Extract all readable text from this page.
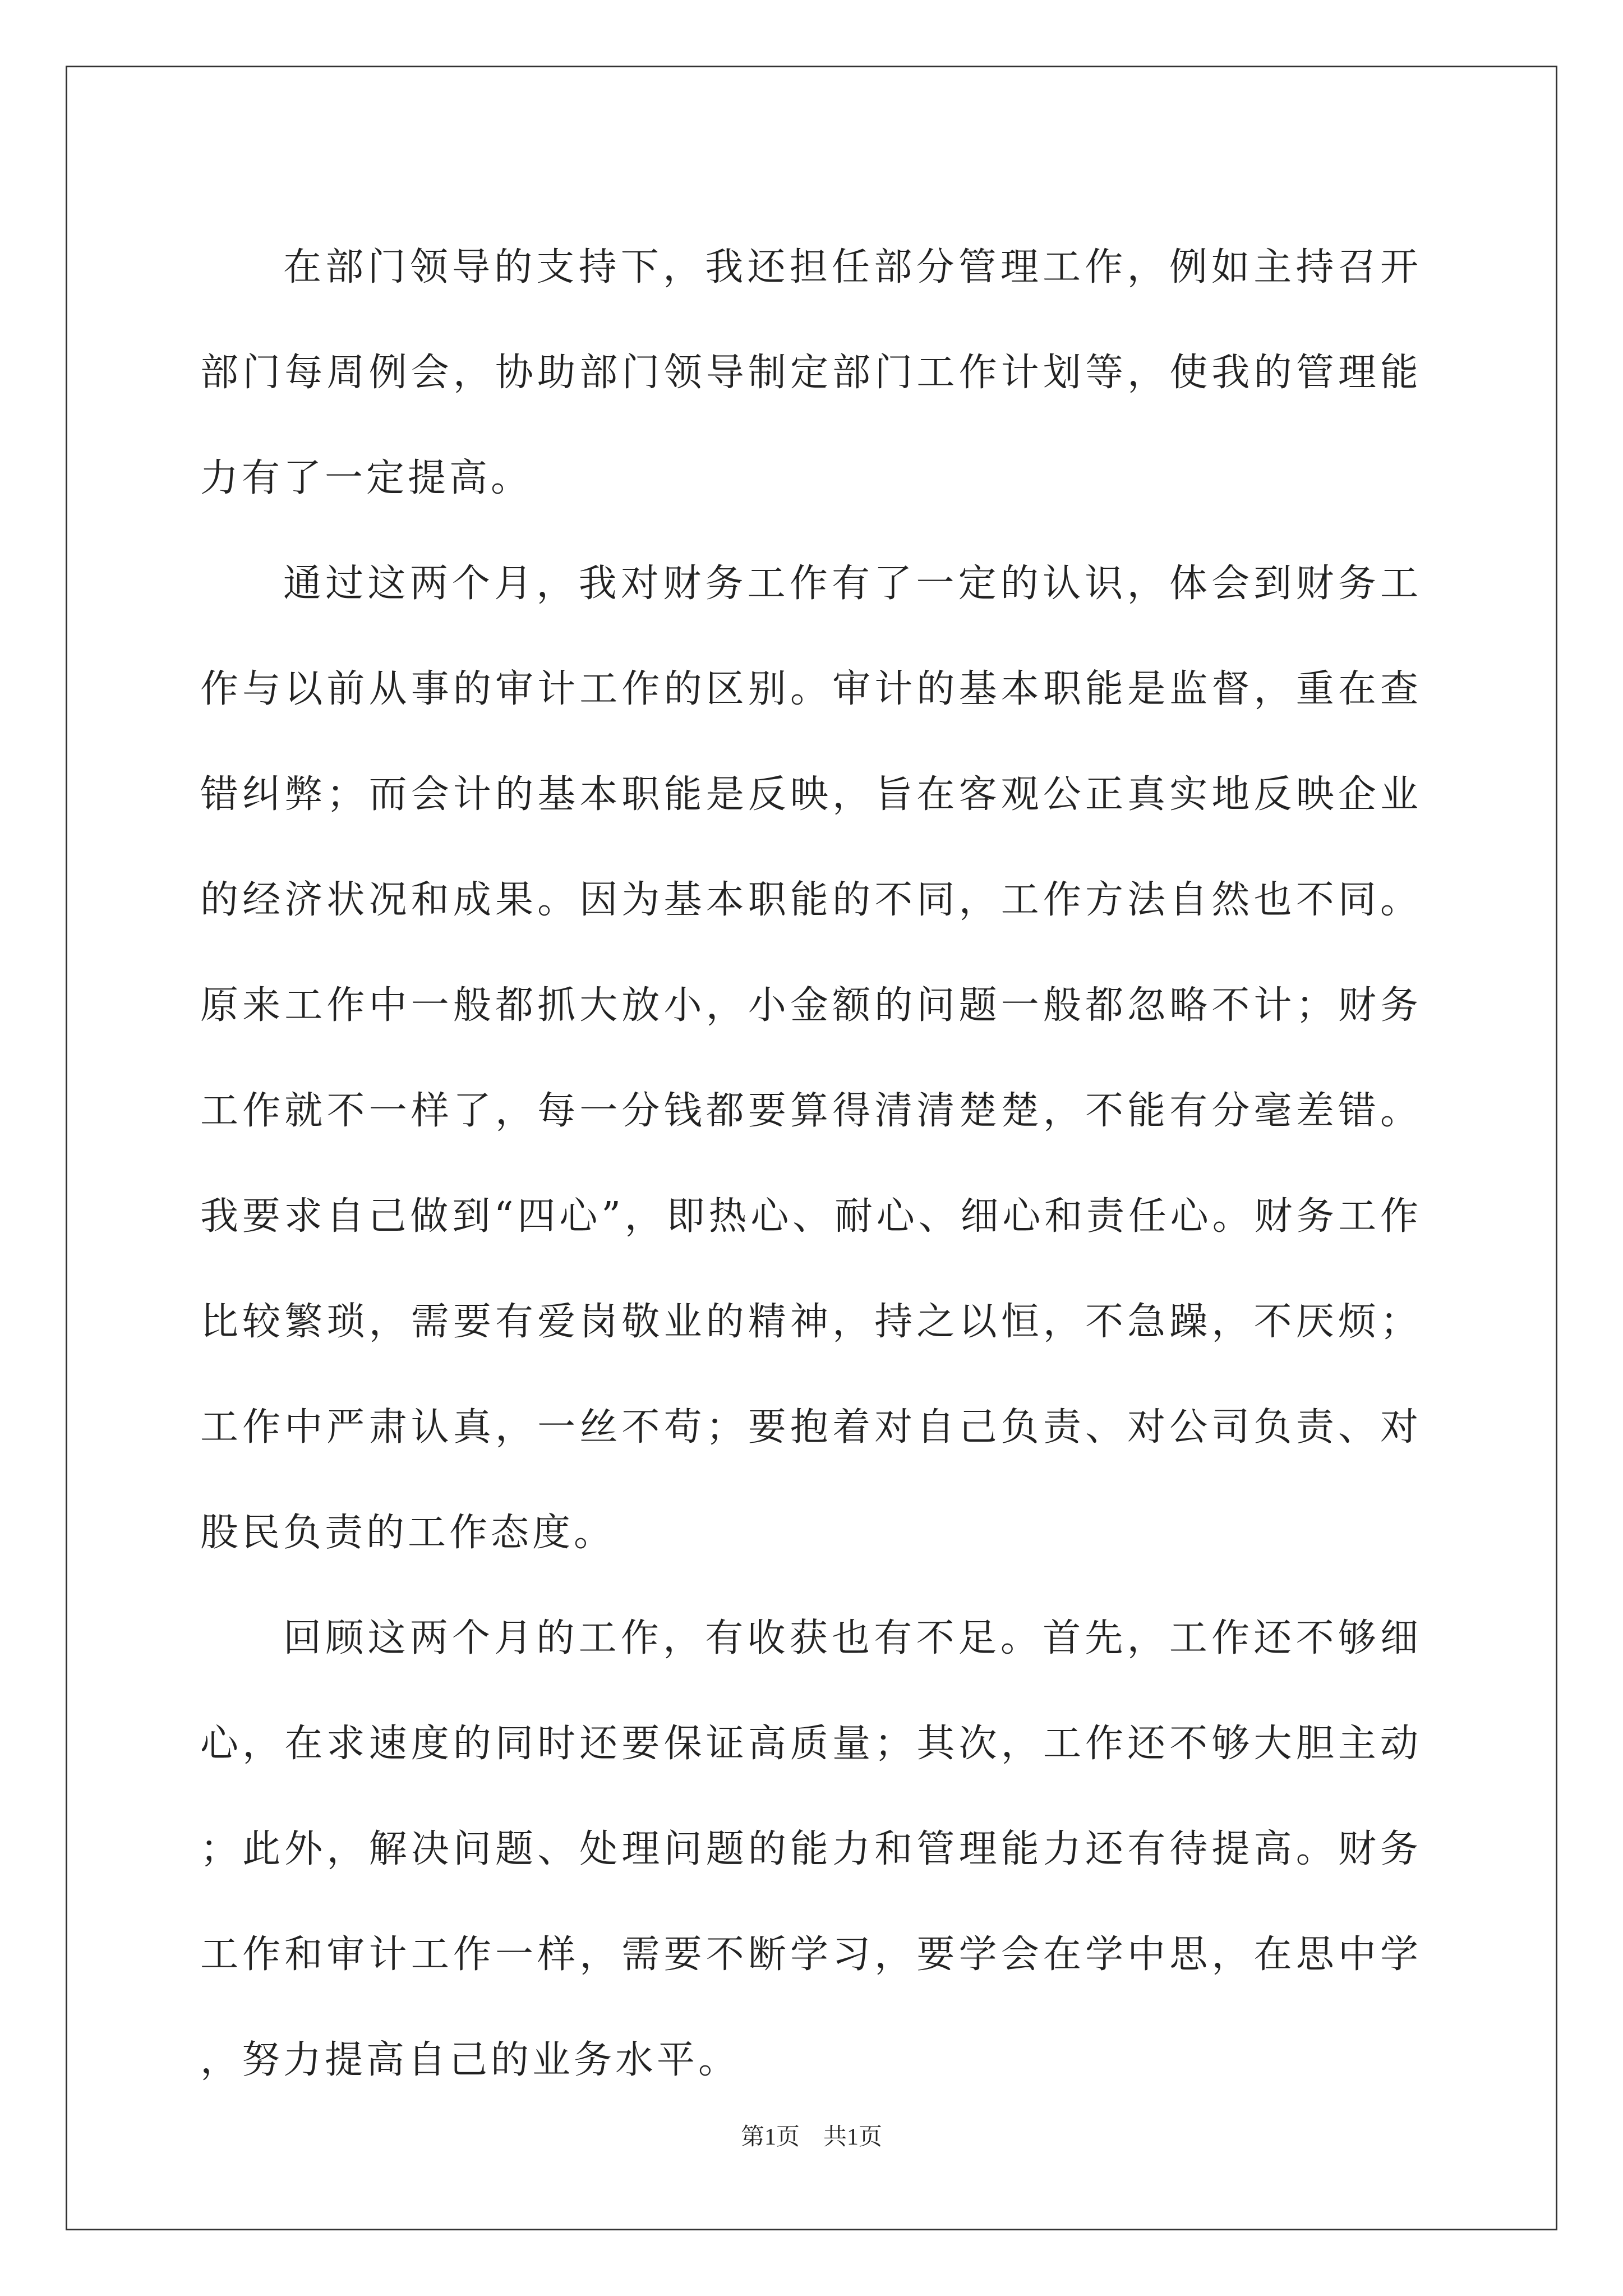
在部门领导的支持下，我还担任部分管理工作，例如主持召开部门每周例会，协助部门领导制定部门工作计划等，使我的管理能力有了一定提高。

通过这两个月，我对财务工作有了一定的认识，体会到财务工作与以前从事的审计工作的区别。审计的基本职能是监督，重在查错纠弊；而会计的基本职能是反映，旨在客观公正真实地反映企业的经济状况和成果。因为基本职能的不同，工作方法自然也不同。原来工作中一般都抓大放小，小金额的问题一般都忽略不计；财务工作就不一样了，每一分钱都要算得清清楚楚，不能有分毫差错。我要求自己做到“四心”，即热心、耐心、细心和责任心。财务工作比较繁琐，需要有爱岗敬业的精神，持之以恒，不急躁，不厌烦；工作中严肃认真，一丝不苟；要抱着对自己负责、对公司负责、对股民负责的工作态度。

回顾这两个月的工作，有收获也有不足。首先，工作还不够细心，在求速度的同时还要保证高质量；其次，工作还不够大胆主动；此外，解决问题、处理问题的能力和管理能力还有待提高。财务工作和审计工作一样，需要不断学习，要学会在学中思，在思中学，努力提高自己的业务水平。

第1页　共1页
